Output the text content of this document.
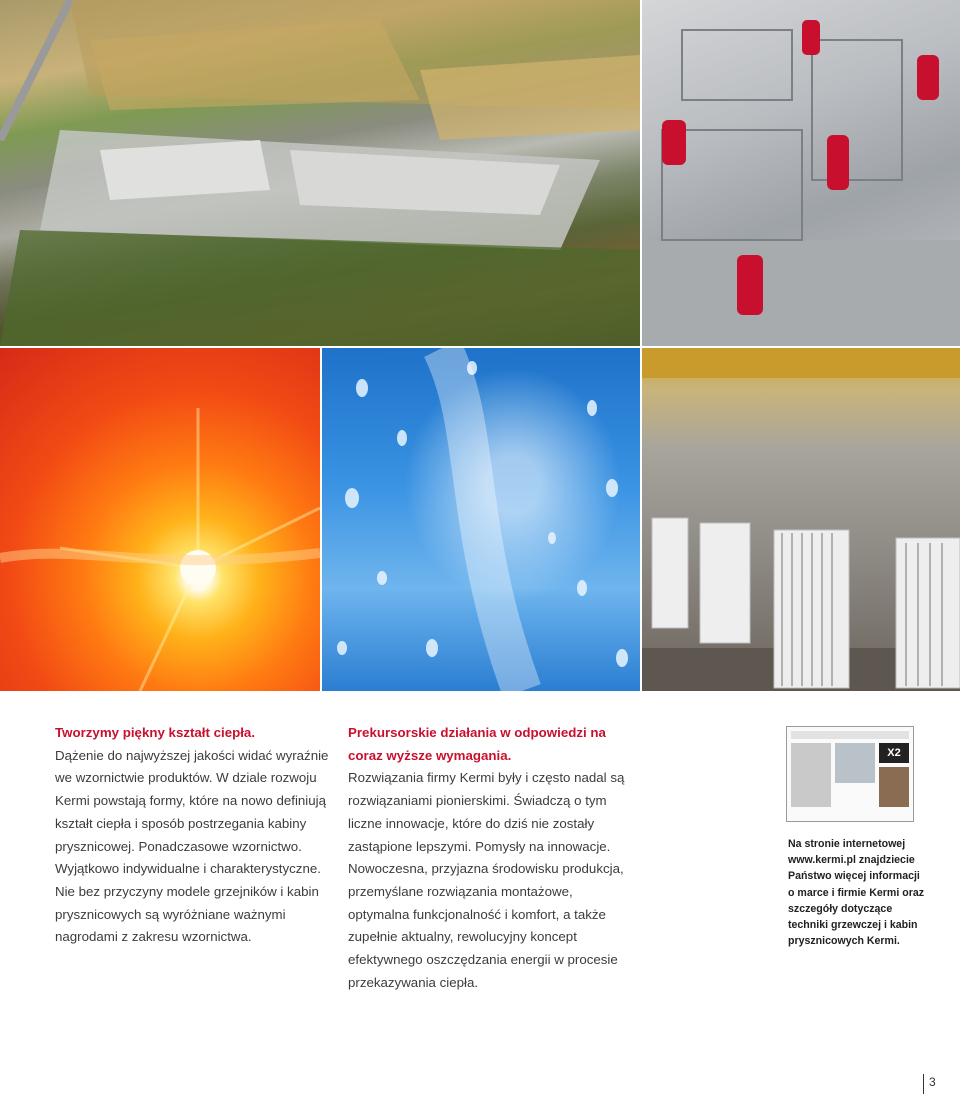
Tworzymy piękny kształt ciepła.

Dążenie do najwyższej jakości widać wyraźnie we wzornictwie produktów. W dziale rozwoju Kermi powstają formy, które na nowo definiują kształt ciepła i sposób postrzegania kabiny prysznicowej. Ponadczasowe wzornictwo. Wyjątkowo indywidualne i charakterystyczne. Nie bez przyczyny modele grzejników i kabin prysznicowych są wyróżniane ważnymi nagrodami z zakresu wzornictwa.

Prekursorskie działania w odpowiedzi na coraz wyższe wymagania.

Rozwiązania firmy Kermi były i często nadal są rozwiązaniami pionierskimi. Świadczą o tym liczne innowacje, które do dziś nie zostały zastąpione lepszymi. Pomysły na innowacje. Nowoczesna, przyjazna środowisku produkcja, przemyślane rozwiązania montażowe, optymalna funkcjonalność i komfort, a także zupełnie aktualny, rewolucyjny koncept efektywnego oszczędzania energii w procesie przekazywania ciepła.

X2
Na stronie internetowej www.kermi.pl znajdziecie Państwo więcej informacji o marce i firmie Kermi oraz szczegóły dotyczące techniki grzewczej i kabin prysznicowych Kermi.
3
